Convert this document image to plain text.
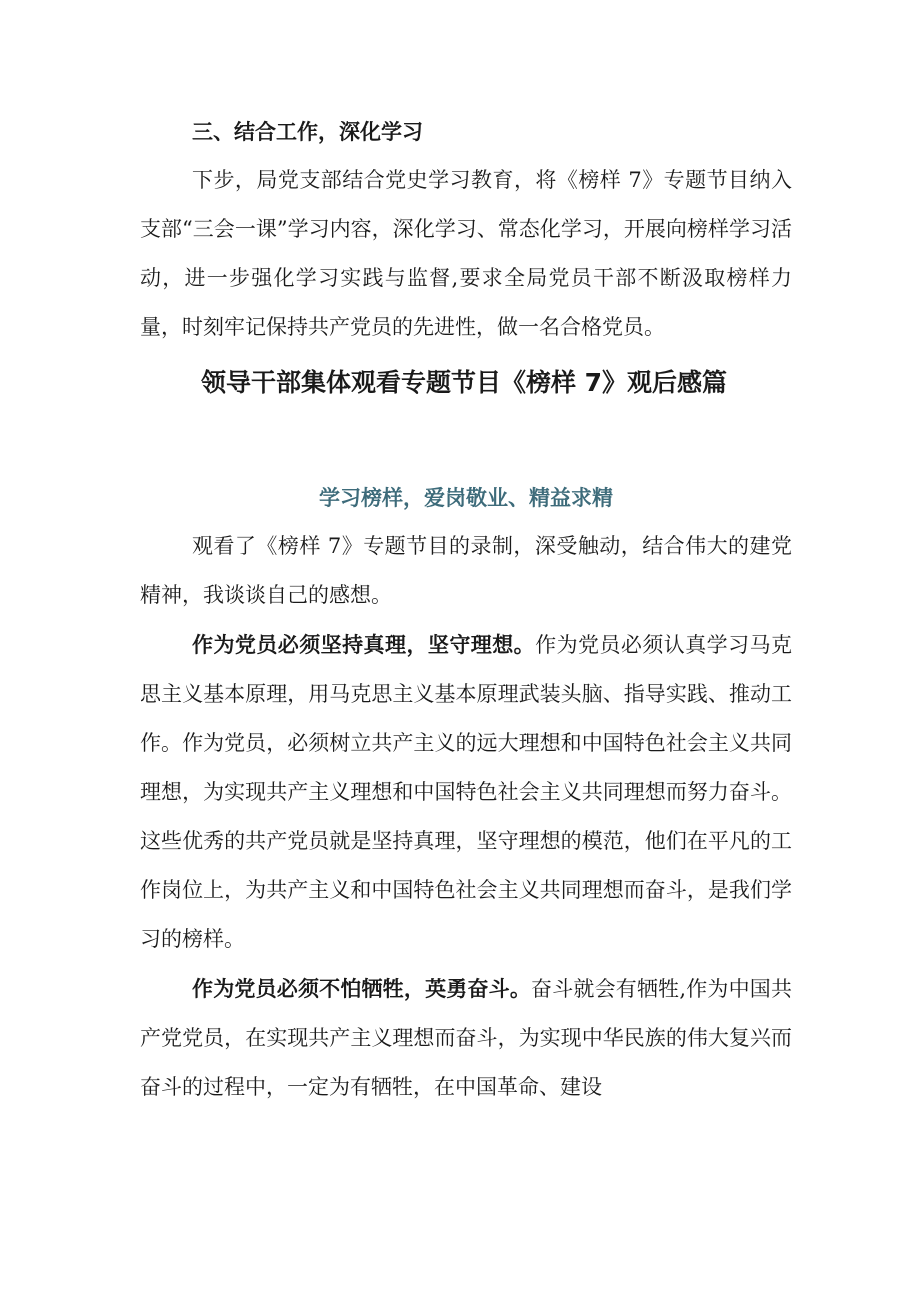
三、结合工作，深化学习

下步，局党支部结合党史学习教育，将《榜样 7》专题节目纳入支部“三会一课”学习内容，深化学习、常态化学习，开展向榜样学习活动，进一步强化学习实践与监督,要求全局党员干部不断汲取榜样力量，时刻牢记保持共产党员的先进性，做一名合格党员。

领导干部集体观看专题节目《榜样 7》观后感篇
学习榜样，爱岗敬业、精益求精

观看了《榜样 7》专题节目的录制，深受触动，结合伟大的建党精神，我谈谈自己的感想。

作为党员必须坚持真理，坚守理想。作为党员必须认真学习马克思主义基本原理，用马克思主义基本原理武装头脑、指导实践、推动工作。作为党员，必须树立共产主义的远大理想和中国特色社会主义共同理想，为实现共产主义理想和中国特色社会主义共同理想而努力奋斗。这些优秀的共产党员就是坚持真理，坚守理想的模范，他们在平凡的工作岗位上，为共产主义和中国特色社会主义共同理想而奋斗，是我们学习的榜样。

作为党员必须不怕牺牲，英勇奋斗。奋斗就会有牺牲,作为中国共产党党员，在实现共产主义理想而奋斗，为实现中华民族的伟大复兴而奋斗的过程中，一定为有牺牲，在中国革命、建设
